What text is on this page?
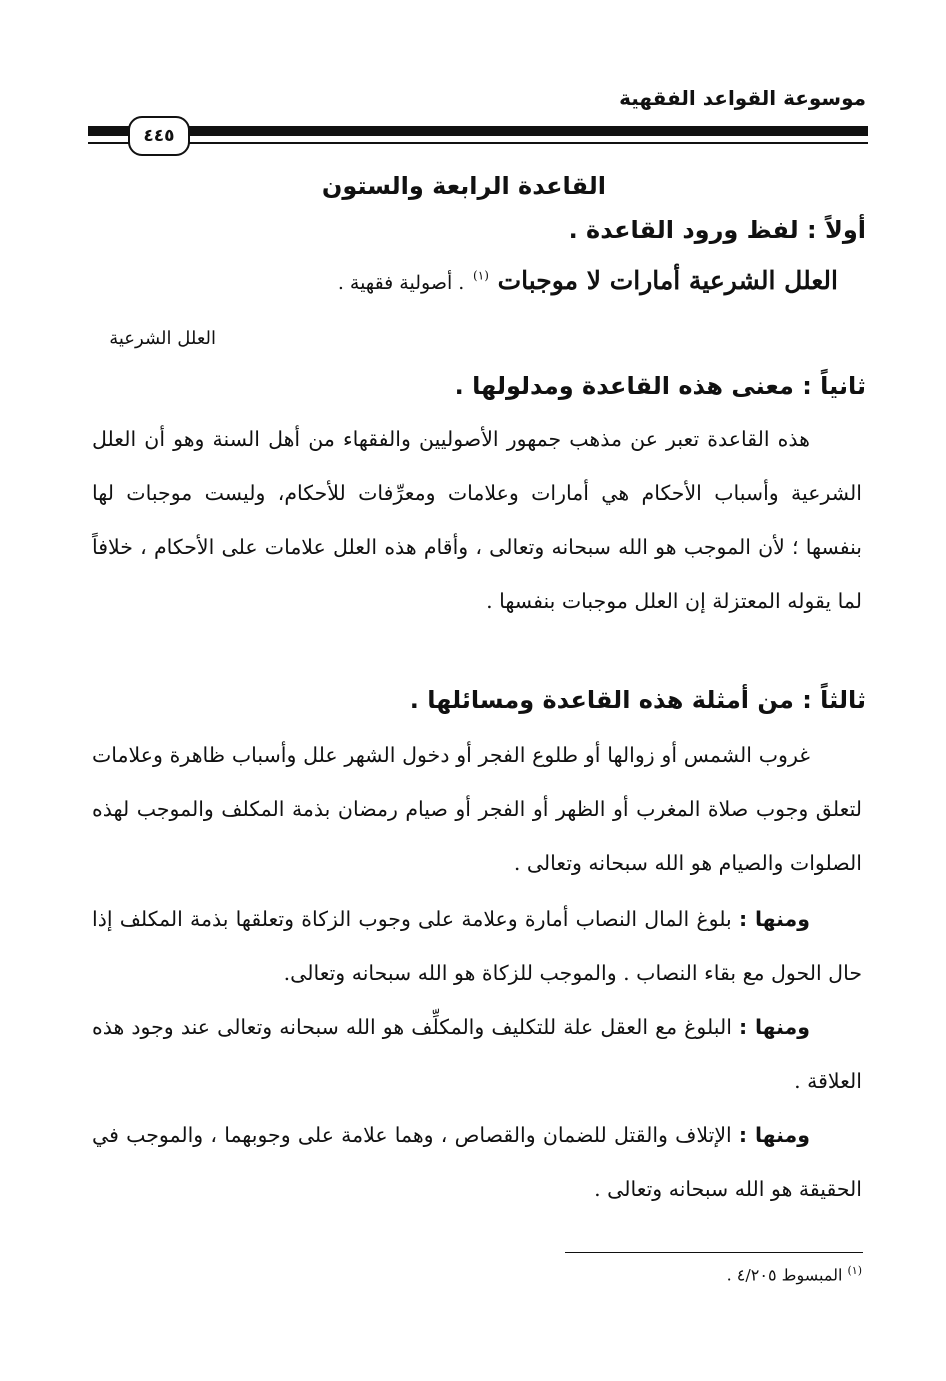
موسوعة القواعد الفقهية
٤٤٥
القاعدة الرابعة والستون
أولاً : لفظ ورود القاعدة .
العلل الشرعية أمارات لا موجبات $^{(١)}$ . أصولية فقهية .
العلل الشرعية
ثانياً : معنى هذه القاعدة ومدلولها .
هذه القاعدة تعبر عن مذهب جمهور الأصوليين والفقهاء من أهل السنة وهو أن العلل الشرعية وأسباب الأحكام هي أمارات وعلامات ومعرِّفات للأحكام، وليست موجبات لها بنفسها ؛ لأن الموجب هو الله سبحانه وتعالى ، وأقام هذه العلل علامات على الأحكام ، خلافاً لما يقوله المعتزلة إن العلل موجبات بنفسها .
ثالثاً : من أمثلة هذه القاعدة ومسائلها .
غروب الشمس أو زوالها أو طلوع الفجر أو دخول الشهر علل وأسباب ظاهرة وعلامات لتعلق وجوب صلاة المغرب أو الظهر أو الفجر أو صيام رمضان بذمة المكلف والموجب لهذه الصلوات والصيام هو الله سبحانه وتعالى .
ومنها : بلوغ المال النصاب أمارة وعلامة على وجوب الزكاة وتعلقها بذمة المكلف إذا حال الحول مع بقاء النصاب . والموجب للزكاة هو الله سبحانه وتعالى.
ومنها : البلوغ مع العقل علة للتكليف والمكلِّف هو الله سبحانه وتعالى عند وجود هذه العلاقة .
ومنها : الإتلاف والقتل للضمان والقصاص ، وهما علامة على وجوبهما ، والموجب في الحقيقة هو الله سبحانه وتعالى .
$^{(١)}$ المبسوط ٤/٢٠٥ .
